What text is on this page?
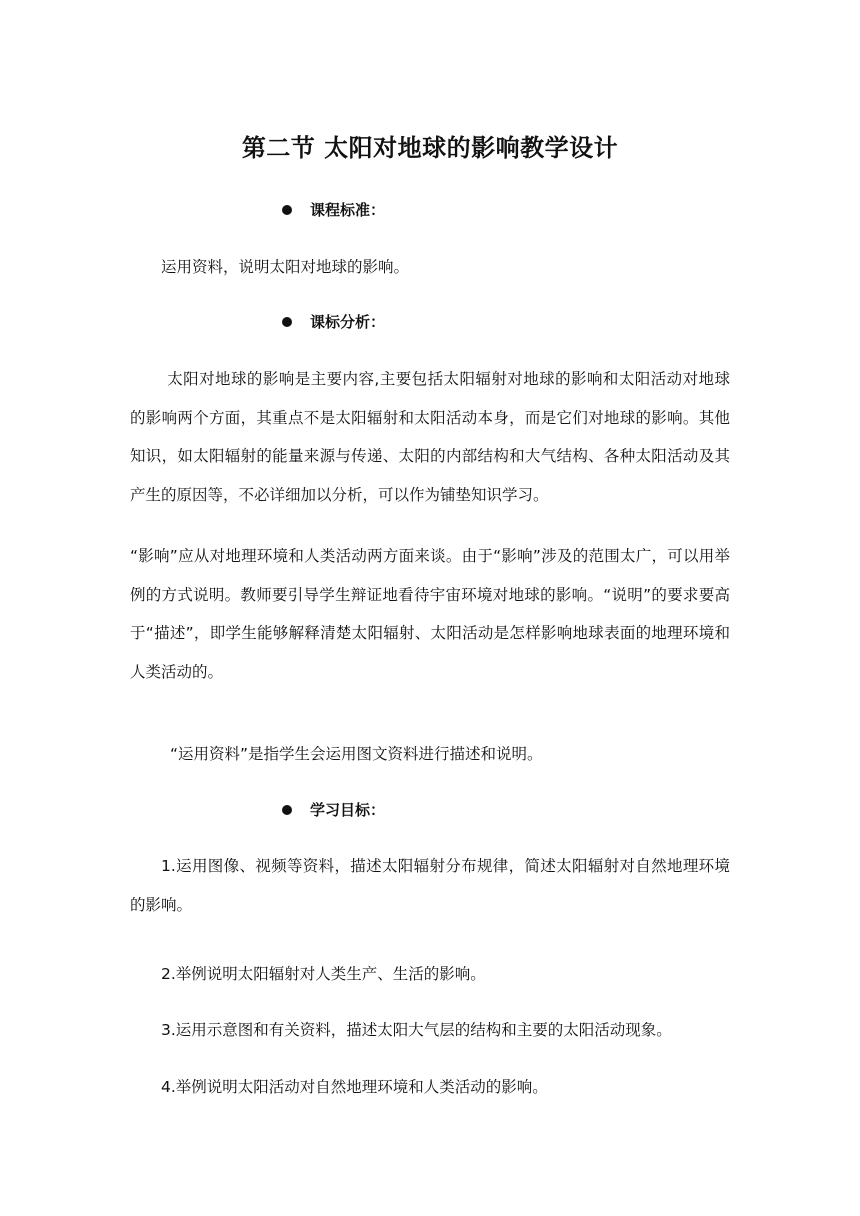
第二节 太阳对地球的影响教学设计
课程标准：

运用资料，说明太阳对地球的影响。

课标分析：

太阳对地球的影响是主要内容,主要包括太阳辐射对地球的影响和太阳活动对地球的影响两个方面，其重点不是太阳辐射和太阳活动本身，而是它们对地球的影响。其他知识，如太阳辐射的能量来源与传递、太阳的内部结构和大气结构、各种太阳活动及其产生的原因等，不必详细加以分析，可以作为铺垫知识学习。

“影响”应从对地理环境和人类活动两方面来谈。由于“影响”涉及的范围太广，可以用举例的方式说明。教师要引导学生辩证地看待宇宙环境对地球的影响。“说明”的要求要高于“描述”，即学生能够解释清楚太阳辐射、太阳活动是怎样影响地球表面的地理环境和人类活动的。

“运用资料”是指学生会运用图文资料进行描述和说明。

学习目标：

1.运用图像、视频等资料，描述太阳辐射分布规律，简述太阳辐射对自然地理环境的影响。

2.举例说明太阳辐射对人类生产、生活的影响。

3.运用示意图和有关资料，描述太阳大气层的结构和主要的太阳活动现象。

4.举例说明太阳活动对自然地理环境和人类活动的影响。
